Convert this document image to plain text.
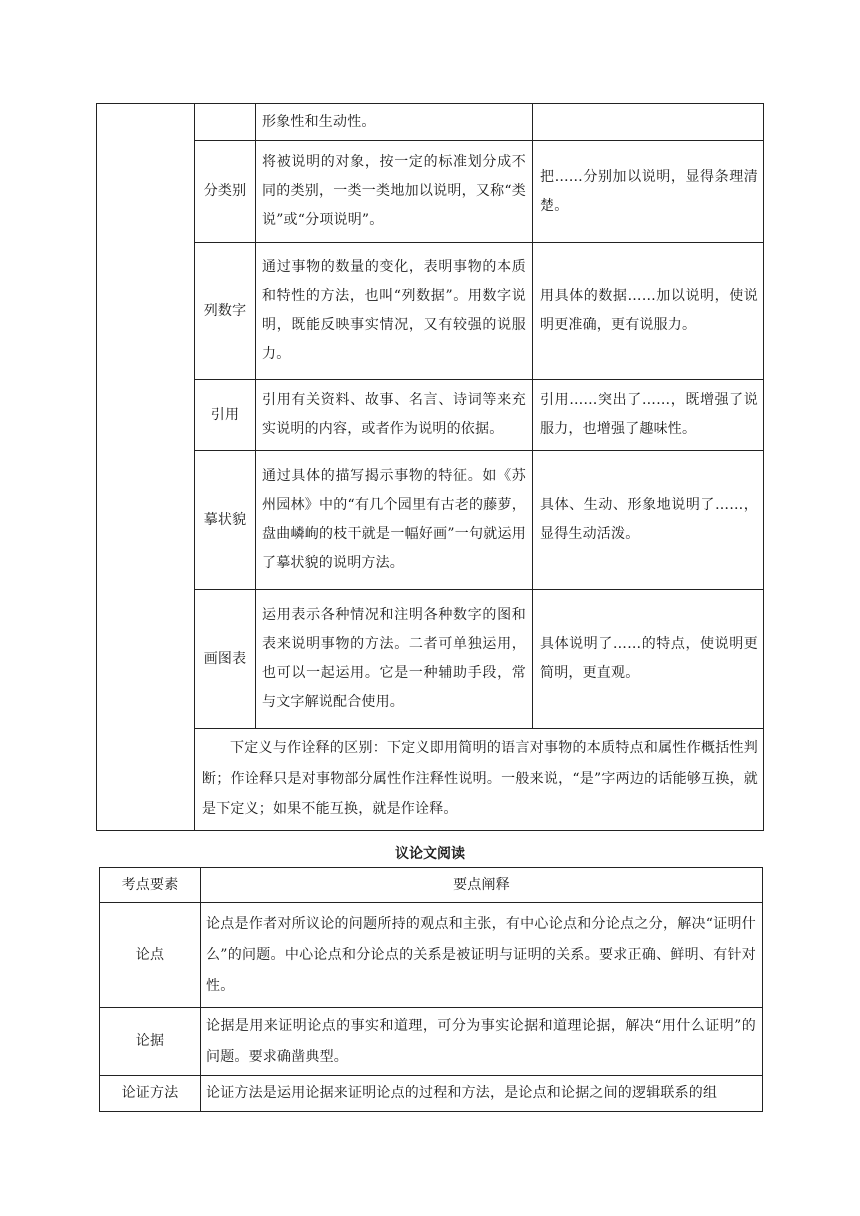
形象性和生动性。
分类别
将被说明的对象，按一定的标准划分成不同的类别，一类一类地加以说明，又称“类说”或“分项说明”。
把……分别加以说明，显得条理清楚。
列数字
通过事物的数量的变化，表明事物的本质和特性的方法，也叫“列数据”。用数字说明，既能反映事实情况，又有较强的说服力。
用具体的数据……加以说明，使说明更准确，更有说服力。
引用
引用有关资料、故事、名言、诗词等来充实说明的内容，或者作为说明的依据。
引用……突出了……，既增强了说服力，也增强了趣味性。
摹状貌
通过具体的描写揭示事物的特征。如《苏州园林》中的“有几个园里有古老的藤萝，盘曲嶙峋的枝干就是一幅好画”一句就运用了摹状貌的说明方法。
具体、生动、形象地说明了……，显得生动活泼。
画图表
运用表示各种情况和注明各种数字的图和表来说明事物的方法。二者可单独运用，也可以一起运用。它是一种辅助手段，常与文字解说配合使用。
具体说明了……的特点，使说明更简明，更直观。
下定义与作诠释的区别：下定义即用简明的语言对事物的本质特点和属性作概括性判断；作诠释只是对事物部分属性作注释性说明。一般来说，“是”字两边的话能够互换，就是下定义；如果不能互换，就是作诠释。
议论文阅读
考点要素	要点阐释
论点
论点是作者对所议论的问题所持的观点和主张，有中心论点和分论点之分，解决“证明什么”的问题。中心论点和分论点的关系是被证明与证明的关系。要求正确、鲜明、有针对性。
论据
论据是用来证明论点的事实和道理，可分为事实论据和道理论据，解决“用什么证明”的问题。要求确凿典型。
论证方法	论证方法是运用论据来证明论点的过程和方法，是论点和论据之间的逻辑联系的组
